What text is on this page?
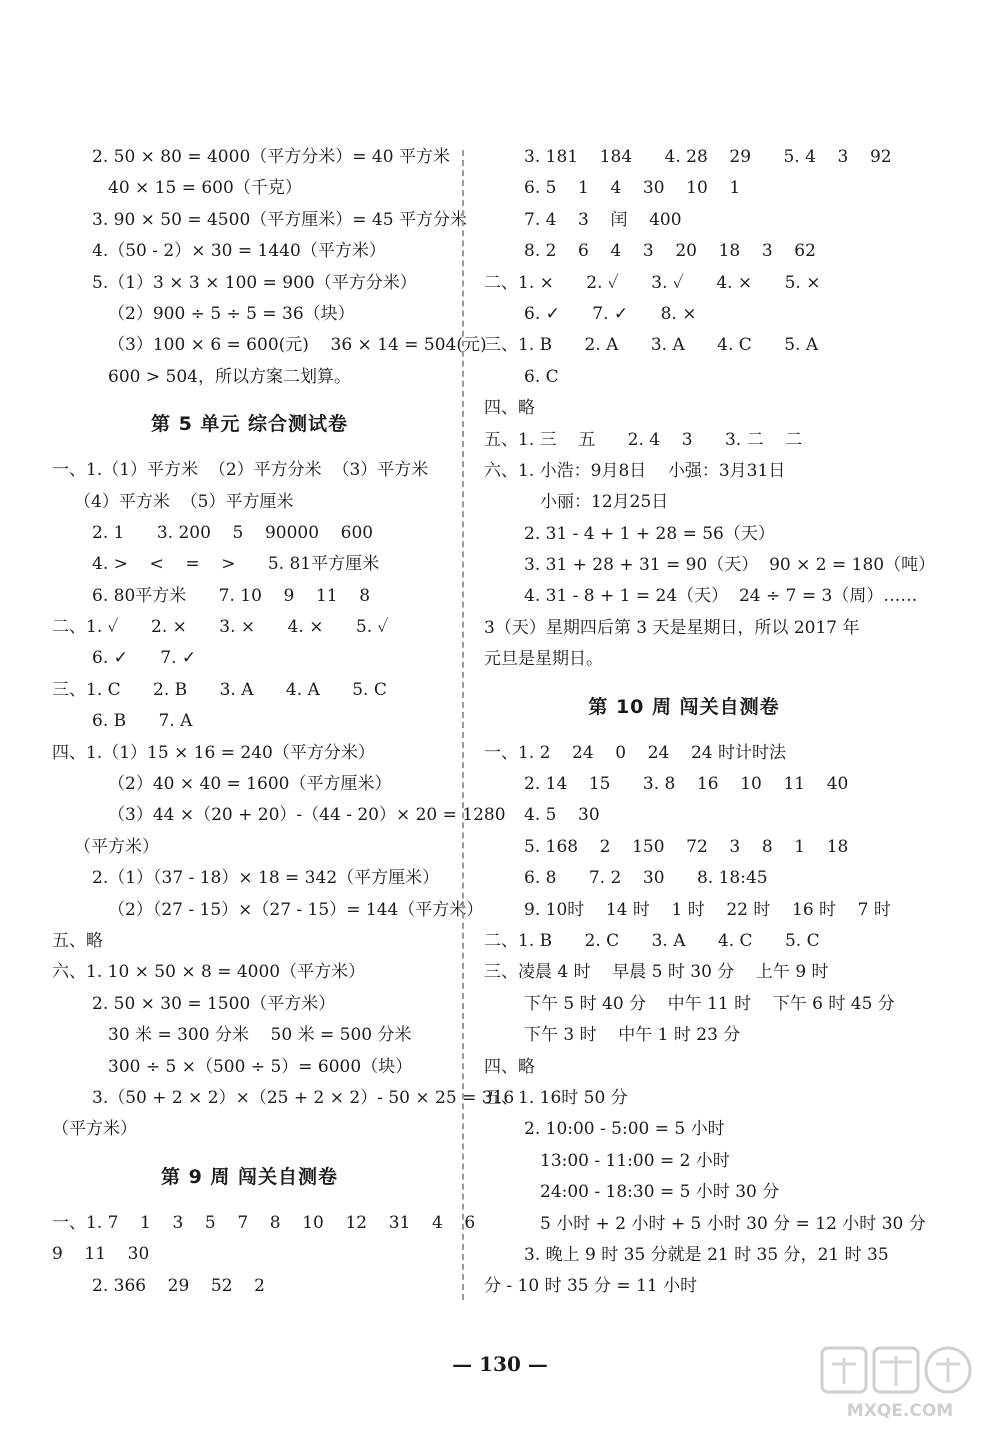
2. 50 × 80 = 4000（平方分米）= 40 平方米
40 × 15 = 600（千克）
3. 90 × 50 = 4500（平方厘米）= 45 平方分米
4.（50 - 2）× 30 = 1440（平方米）
5.（1）3 × 3 × 100 = 900（平方分米）
（2）900 ÷ 5 ÷ 5 = 36（块）
（3）100 × 6 = 600(元)    36 × 14 = 504(元)
600 > 504，所以方案二划算。
第 5 单元 综合测试卷
一、1.（1）平方米  （2）平方分米  （3）平方米
（4）平方米  （5）平方厘米
2. 1      3. 200    5    90000    600
4. >    <    =    >      5. 81平方厘米
6. 80平方米      7. 10    9    11    8
二、1. ✓      2. ×      3. ×      4. ×      5. ✓
6. ✓      7. ✓
三、1. C      2. B      3. A      4. A      5. C
6. B      7. A
四、1.（1）15 × 16 = 240（平方分米）
（2）40 × 40 = 1600（平方厘米）
（3）44 ×（20 + 20）-（44 - 20）× 20 = 1280
（平方米）
2.（1）（37 - 18）× 18 = 342（平方厘米）
（2）（27 - 15）×（27 - 15）= 144（平方米）
五、略
六、1. 10 × 50 × 8 = 4000（平方米）
2. 50 × 30 = 1500（平方米）
30 米 = 300 分米    50 米 = 500 分米
300 ÷ 5 ×（500 ÷ 5）= 6000（块）
3.（50 + 2 × 2）×（25 + 2 × 2）- 50 × 25 = 316
（平方米）
第 9 周 闯关自测卷
一、1. 7    1    3    5    7    8    10    12    31    4    6
9    11    30
2. 366    29    52    2
3. 181    184      4. 28    29      5. 4    3    92
6. 5    1    4    30    10    1
7. 4    3    闰    400
8. 2    6    4    3    20    18    3    62
二、1. ×      2. ✓      3. ✓      4. ×      5. ×
6. ✓      7. ✓      8. ×
三、1. B      2. A      3. A      4. C      5. A
6. C
四、略
五、1. 三    五      2. 4    3      3. 二    二
六、1. 小浩：9月8日    小强：3月31日
小丽：12月25日
2. 31 - 4 + 1 + 28 = 56（天）
3. 31 + 28 + 31 = 90（天）  90 × 2 = 180（吨）
4. 31 - 8 + 1 = 24（天）  24 ÷ 7 = 3（周）……
3（天）星期四后第 3 天是星期日，所以 2017 年
元旦是星期日。
第 10 周 闯关自测卷
一、1. 2    24    0    24    24 时计时法
2. 14    15      3. 8    16    10    11    40
4. 5    30
5. 168    2    150    72    3    8    1    18
6. 8      7. 2    30      8. 18:45
9. 10时    14 时    1 时    22 时    16 时    7 时
二、1. B      2. C      3. A      4. C      5. C
三、凌晨 4 时    早晨 5 时 30 分    上午 9 时
下午 5 时 40 分    中午 11 时    下午 6 时 45 分
下午 3 时    中午 1 时 23 分
四、略
五、1. 16时 50 分
2. 10:00 - 5:00 = 5 小时
13:00 - 11:00 = 2 小时
24:00 - 18:30 = 5 小时 30 分
5 小时 + 2 小时 + 5 小时 30 分 = 12 小时 30 分
3. 晚上 9 时 35 分就是 21 时 35 分，21 时 35
分 - 10 时 35 分 = 11 小时
— 130 —
MXQE.COM
